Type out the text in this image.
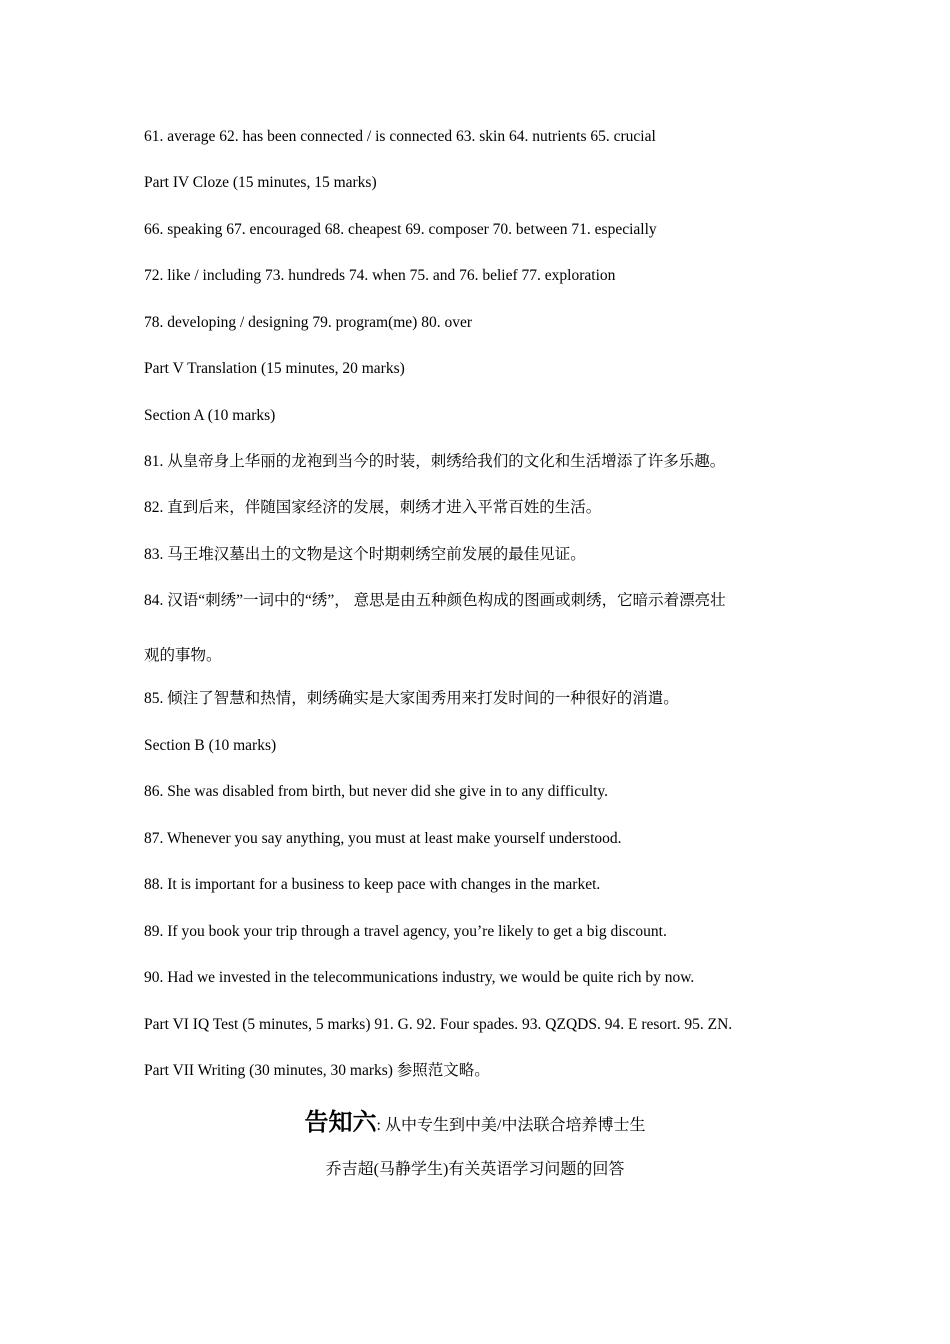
61. average 62. has been connected / is connected 63. skin 64. nutrients 65. crucial
Part IV Cloze (15 minutes, 15 marks)
66. speaking 67. encouraged 68. cheapest 69. composer 70. between 71. especially
72. like / including 73. hundreds 74. when 75. and 76. belief 77. exploration
78. developing / designing 79. program(me) 80. over
Part V Translation (15 minutes, 20 marks)
Section A (10 marks)
81. 从皇帝身上华丽的龙袍到当今的时装，刺绣给我们的文化和生活增添了许多乐趣。
82. 直到后来，伴随国家经济的发展，刺绣才进入平常百姓的生活。
83. 马王堆汉墓出土的文物是这个时期刺绣空前发展的最佳见证。
84. 汉语“刺绣”一词中的“绣”， 意思是由五种颜色构成的图画或刺绣，它暗示着漂亮壮
观的事物。
85. 倾注了智慧和热情，刺绣确实是大家闺秀用来打发时间的一种很好的消遣。
Section B (10 marks)
86. She was disabled from birth, but never did she give in to any difficulty.
87. Whenever you say anything, you must at least make yourself understood.
88. It is important for a business to keep pace with changes in the market.
89. If you book your trip through a travel agency, you’re likely to get a big discount.
90. Had we invested in the telecommunications industry, we would be quite rich by now.
Part VI IQ Test (5 minutes, 5 marks) 91. G. 92. Four spades. 93. QZQDS. 94. E resort. 95. ZN.
Part VII Writing (30 minutes, 30 marks) 参照范文略。
告知六: 从中专生到中美/中法联合培养博士生
乔吉超(马静学生)有关英语学习问题的回答
